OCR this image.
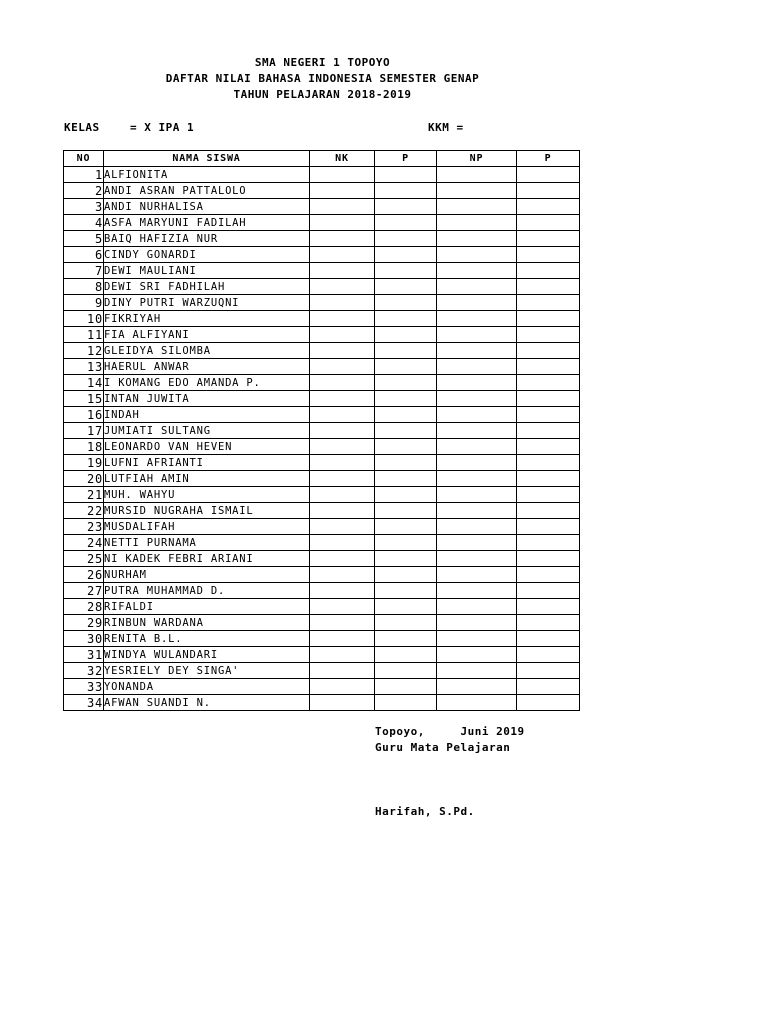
SMA NEGERI 1 TOPOYO
DAFTAR NILAI BAHASA INDONESIA SEMESTER GENAP
TAHUN PELAJARAN 2018-2019
KELAS	= X IPA 1	KKM =
NO	NAMA SISWA	NK	P	NP	P
1	ALFIONITA				
2	ANDI ASRAN PATTALOLO				
3	ANDI NURHALISA				
4	ASFA MARYUNI FADILAH				
5	BAIQ HAFIZIA NUR				
6	CINDY GONARDI				
7	DEWI MAULIANI				
8	DEWI SRI FADHILAH				
9	DINY PUTRI WARZUQNI				
10	FIKRIYAH				
11	FIA ALFIYANI				
12	GLEIDYA SILOMBA				
13	HAERUL ANWAR				
14	I KOMANG EDO AMANDA P.				
15	INTAN JUWITA				
16	INDAH				
17	JUMIATI SULTANG				
18	LEONARDO VAN HEVEN				
19	LUFNI AFRIANTI				
20	LUTFIAH AMIN				
21	MUH. WAHYU				
22	MURSID NUGRAHA ISMAIL				
23	MUSDALIFAH				
24	NETTI PURNAMA				
25	NI KADEK FEBRI ARIANI				
26	NURHAM				
27	PUTRA MUHAMMAD D.				
28	RIFALDI				
29	RINBUN WARDANA				
30	RENITA B.L.				
31	WINDYA WULANDARI				
32	YESRIELY DEY SINGA'				
33	YONANDA				
34	AFWAN SUANDI N.				
Topoyo,     Juni 2019
Guru Mata Pelajaran
Harifah, S.Pd.
